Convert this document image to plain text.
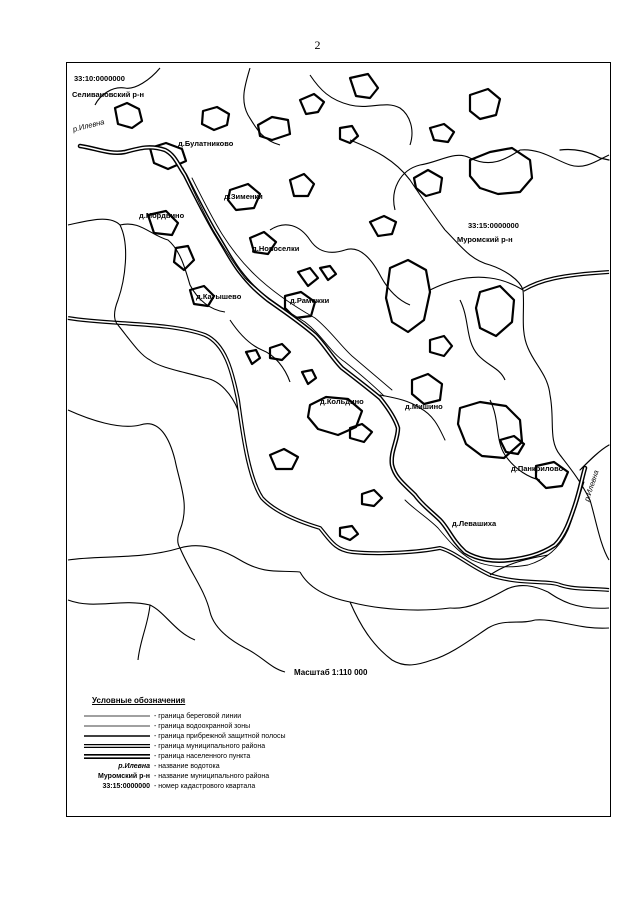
2
33:10:0000000
Селивановский р-н
р.Илевна
д.Булатниково
д.Зименки
д.Мордвино
33:15:0000000
Муромский р-н
д.Новоселки
д.Рамежки
д.Катышево
д.Кольдино
д.Мишино
д.Панкрилово
р.Илевна
д.Левашиха
Масштаб 1:110 000
Условные обозначения
- граница береговой линии
- граница водоохранной зоны
- граница прибрежной защитной полосы
- граница муниципального района
- граница населенного пункта
р.Илевна - название водотока
Муромский р-н - название муниципального района
33:15:0000000 - номер кадастрового квартала
